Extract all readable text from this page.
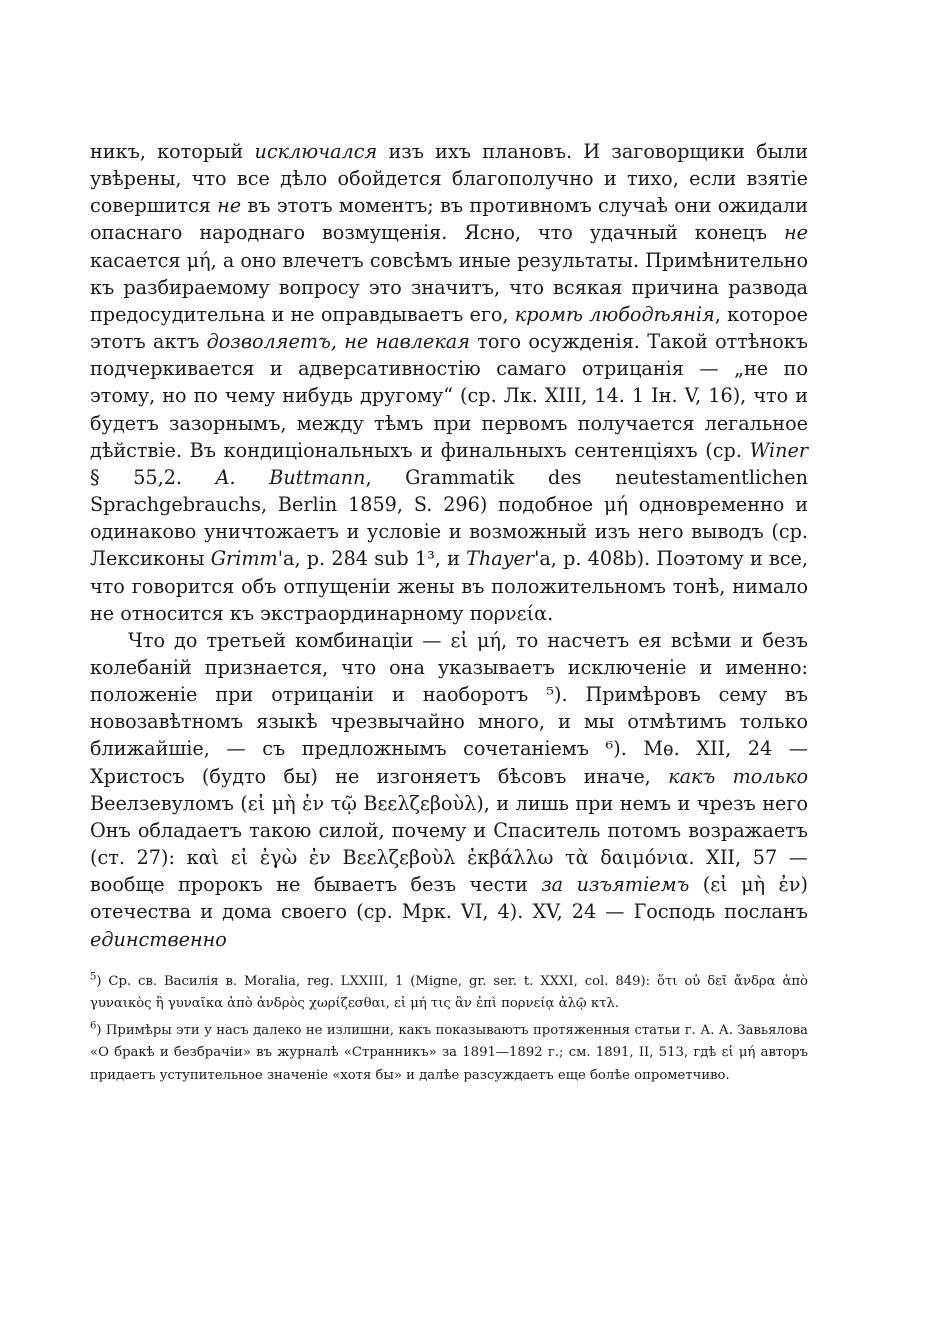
никъ, который исключался изъ ихъ плановъ. И заговорщики были увѣрены, что все дѣло обойдется благополучно и тихо, если взятіе совершится не въ этотъ моментъ; въ противномъ случаѣ они ожидали опаснаго народнаго возмущенія. Ясно, что удачный конецъ не касается μή, а оно влечетъ совсѣмъ иные результаты. Примѣнительно къ разбираемому вопросу это значитъ, что всякая причина развода предосудительна и не оправдываетъ его, кромѣ любодѣянія, которое этотъ актъ дозволяетъ, не навлекая того осужденія. Такой оттѣнокъ подчеркивается и адверсативностію самаго отрицанія — „не по этому, но по чему нибудь другому“ (ср. Лк. XIII, 14. 1 Ін. V, 16), что и будетъ зазорнымъ, между тѣмъ при первомъ получается легальное дѣйствіе. Въ кондиціональныхъ и финальныхъ сентенціяхъ (ср. Winer § 55,2. A. Buttmann, Grammatik des neutestamentlichen Sprachgebrauchs, Berlin 1859, S. 296) подобное μή одновременно и одинаково уничтожаетъ и условіе и возможный изъ него выводъ (ср. Лексиконы Grimm'а, p. 284 sub 1³, и Thayer'а, p. 408b). Поэтому и все, что говорится объ отпущеніи жены въ положительномъ тонѣ, нимало не относится къ экстраординарному πορνεία.

Что до третьей комбинаціи — εἰ μή, то насчетъ ея всѣми и безъ колебаній признается, что она указываетъ исключеніе и именно: положеніе при отрицаніи и наоборотъ ⁵). Примѣровъ сему въ новозавѣтномъ языкѣ чрезвычайно много, и мы отмѣтимъ только ближайшіе, — съ предложнымъ сочетаніемъ ⁶). Мѳ. XII, 24 — Христосъ (будто бы) не изгоняетъ бѣсовъ иначе, какъ только Веелзевуломъ (εἰ μὴ ἐν τῷ Βεελζεβοὺλ), и лишь при немъ и чрезъ него Онъ обладаетъ такою силой, почему и Спаситель потомъ возражаетъ (ст. 27): καὶ εἰ ἐγὼ ἐν Βεελζεβοὺλ ἐκβάλλω τὰ δαιμόνια. XII, 57 — вообще пророкъ не бываетъ безъ чести за изъятіемъ (εἰ μὴ ἐν) отечества и дома своего (ср. Мрк. VI, 4). XV, 24 — Господь посланъ единственно

$^5$) Ср. св. Василія в. Moralia, reg. LXXIII, 1 (Migne, gr. ser. t. XXXI, col. 849): ὅτι οὐ δεῖ ἄνδρα ἀπὸ γυναικὸς ἢ γυναῖκα ἀπὸ ἀνδρὸς χωρίζεσθαι, εἰ μή τις ἂν ἐπὶ πορνείᾳ ἁλῷ κτλ.

$^6$) Примѣры эти у насъ далеко не излишни, какъ показываютъ протяженныя статьи г. А. А. Завьялова «О бракѣ и безбрачіи» въ журналѣ «Странникъ» за 1891—1892 г.; см. 1891, II, 513, гдѣ εἰ μή авторъ придаетъ уступительное значеніе «хотя бы» и далѣе разсуждаетъ еще болѣе опрометчиво.
